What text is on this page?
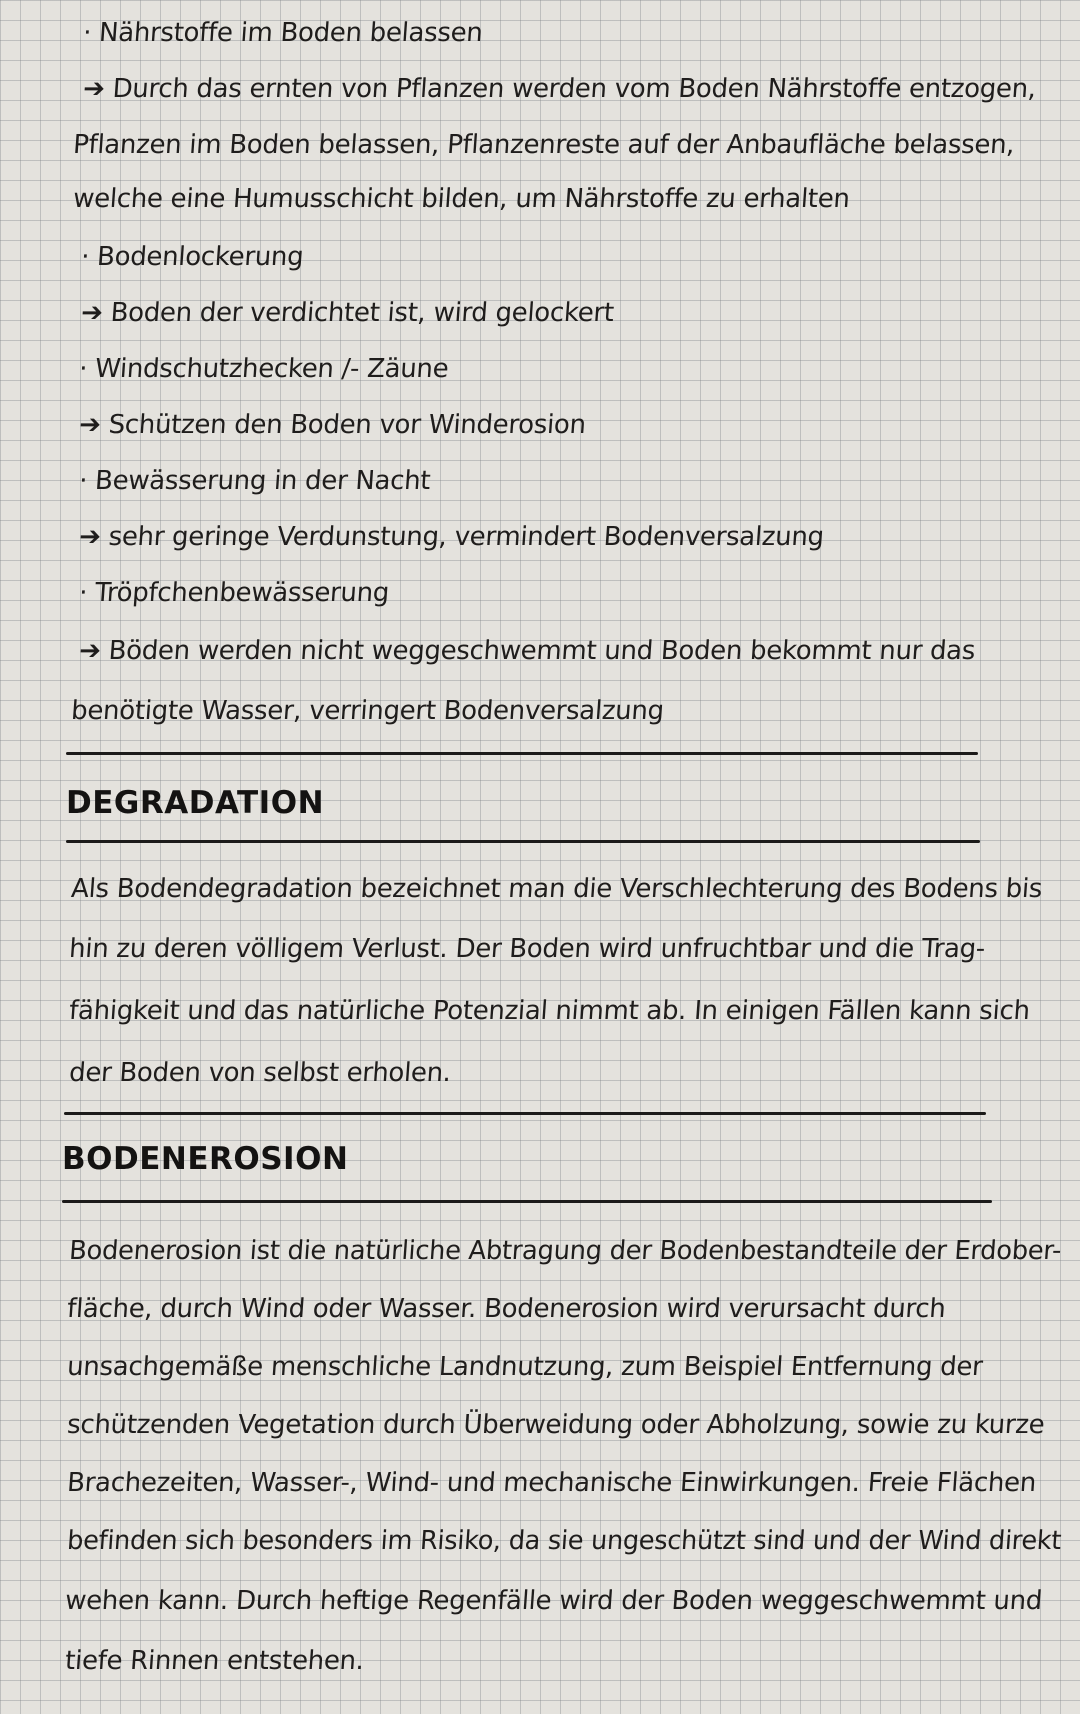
· Nährstoffe im Boden belassen
➔ Durch das ernten von Pflanzen werden vom Boden Nährstoffe entzogen,
Pflanzen im Boden belassen, Pflanzenreste auf der Anbaufläche belassen,
welche eine Humusschicht bilden, um Nährstoffe zu erhalten
· Bodenlockerung
➔ Boden der verdichtet ist, wird gelockert
· Windschutzhecken /- Zäune
➔ Schützen den Boden vor Winderosion
· Bewässerung in der Nacht
➔ sehr geringe Verdunstung, vermindert Bodenversalzung
· Tröpfchenbewässerung
➔ Böden werden nicht weggeschwemmt und Boden bekommt nur das
benötigte Wasser, verringert Bodenversalzung
DEGRADATION
Als Bodendegradation bezeichnet man die Verschlechterung des Bodens bis
hin zu deren völligem Verlust. Der Boden wird unfruchtbar und die Trag-
fähigkeit und das natürliche Potenzial nimmt ab. In einigen Fällen kann sich
der Boden von selbst erholen.
BODENEROSION
Bodenerosion ist die natürliche Abtragung der Bodenbestandteile der Erdober-
fläche, durch Wind oder Wasser. Bodenerosion wird verursacht durch
unsachgemäße menschliche Landnutzung, zum Beispiel Entfernung der
schützenden Vegetation durch Überweidung oder Abholzung, sowie zu kurze
Brachezeiten, Wasser-, Wind- und mechanische Einwirkungen. Freie Flächen
befinden sich besonders im Risiko, da sie ungeschützt sind und der Wind direkt
wehen kann. Durch heftige Regenfälle wird der Boden weggeschwemmt und
tiefe Rinnen entstehen.
